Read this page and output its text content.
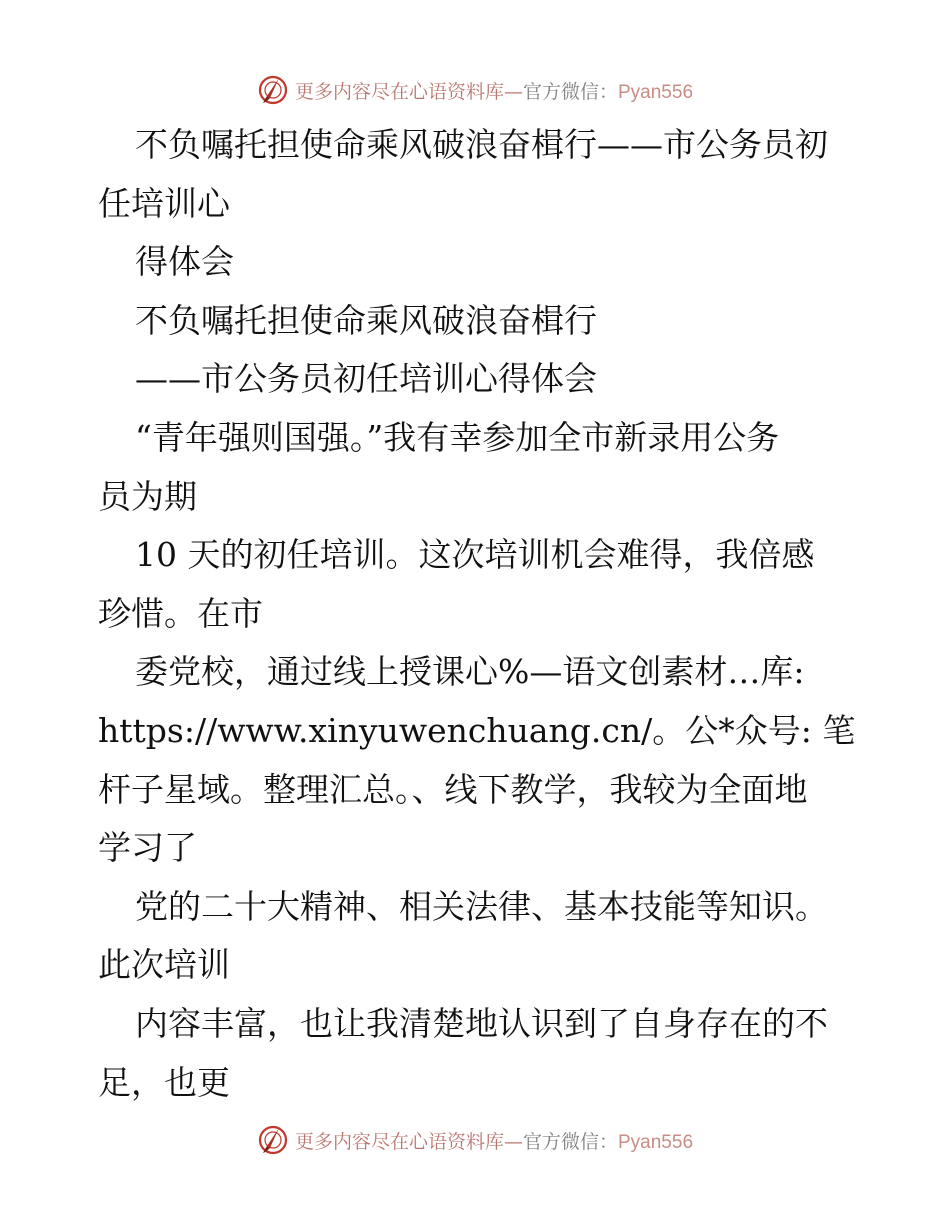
更多内容尽在心语资料库—官方微信：Pyan556
不负嘱托担使命乘风破浪奋楫行——市公务员初
任培训心
得体会
不负嘱托担使命乘风破浪奋楫行
——市公务员初任培训心得体会
“青年强则国强。”我有幸参加全市新录用公务
员为期
10 天的初任培训。这次培训机会难得，我倍感
珍惜。在市
委党校，通过线上授课心%—语文创素材…库:
https://www.xinyuwenchuang.cn/。公*众号: 笔
杆子星域。整理汇总。、线下教学，我较为全面地
学习了
党的二十大精神、相关法律、基本技能等知识。
此次培训
内容丰富，也让我清楚地认识到了自身存在的不
足，也更
更多内容尽在心语资料库—官方微信：Pyan556
